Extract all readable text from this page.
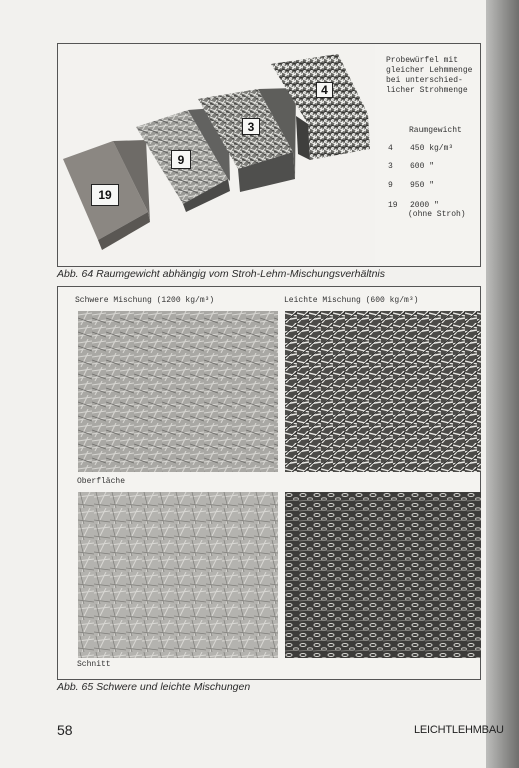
19
9
3
4
Probewürfel mit
gleicher Lehmmenge
bei unterschied-
licher Strohmenge
Raumgewicht
4 450 kg/m³
3 600 "
9 950 "
19 2000 "
(ohne Stroh)
Abb. 64 Raumgewicht abhängig vom Stroh-Lehm-Mischungsverhältnis
Schwere Mischung (1200 kg/m³)	Leichte Mischung (600 kg/m³)
Oberfläche
Schnitt
Abb. 65 Schwere und leichte Mischungen
58	LEICHTLEHMBAU
